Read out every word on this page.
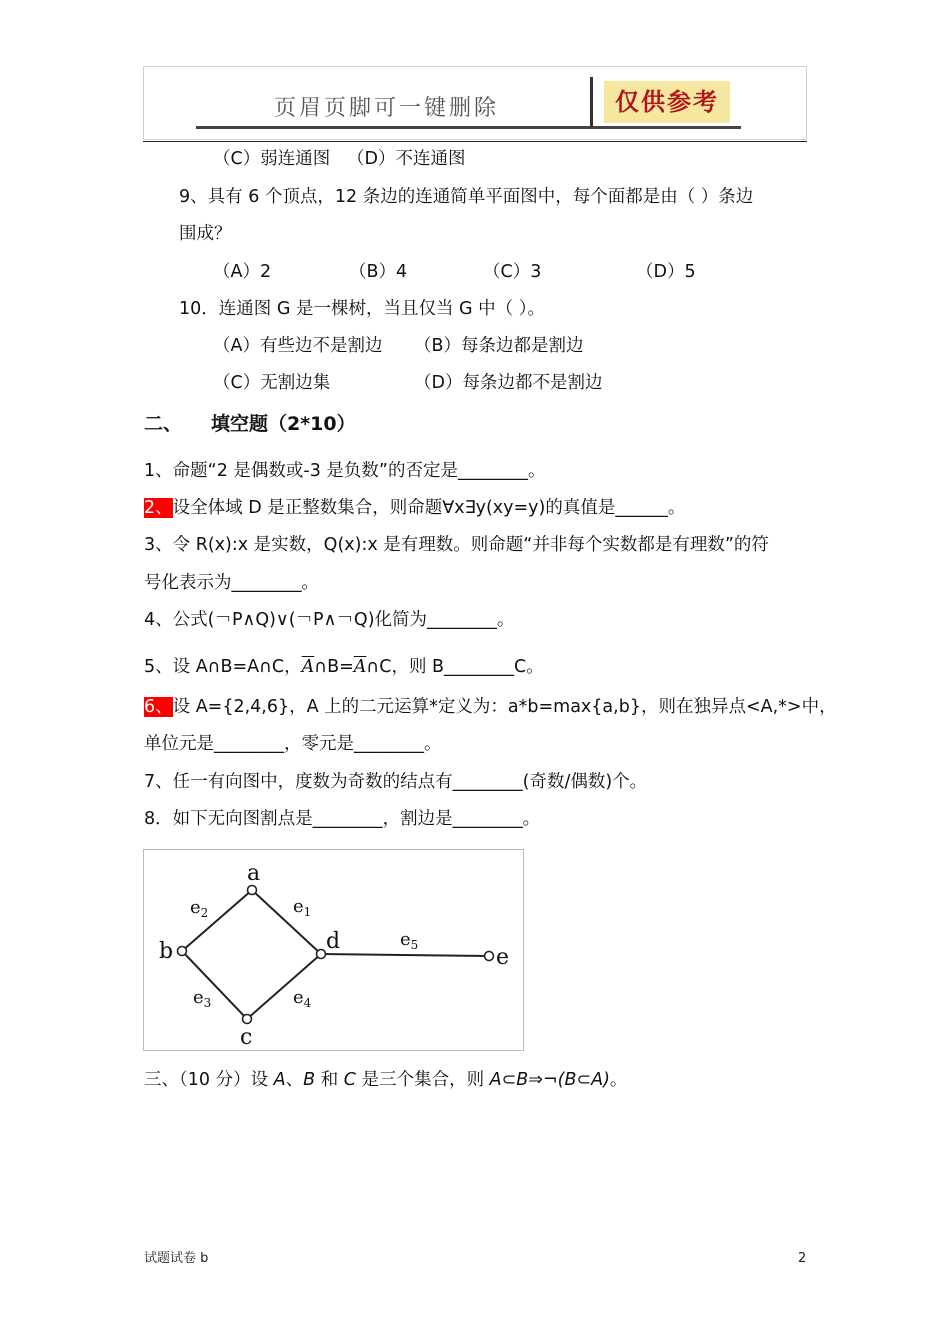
页眉页脚可一键删除	仅供参考
（C）弱连通图 （D）不连通图
9、具有 6 个顶点，12 条边的连通简单平面图中，每个面都是由（ ）条边
围成？
（A）2	（B）4	（C）3	（D）5
10．连通图 G 是一棵树，当且仅当 G 中（ ）。
（A）有些边不是割边 （B）每条边都是割边
（C）无割边集	（D）每条边都不是割边
二、 填空题（2*10）
1、命题“2 是偶数或-3 是负数”的否定是________。
2、设全体域 D 是正整数集合，则命题∀x∃y(xy=y)的真值是______。
3、令 R(x):x 是实数，Q(x):x 是有理数。则命题“并非每个实数都是有理数”的符
号化表示为________。
4、公式(￢P∧Q)∨(￢P∧￢Q)化简为________。
5、设 A∩B=A∩C，$\overline{A}\cap B=\overline{A}\cap C$，则 B________C。
6、设 A={2,4,6}，A 上的二元运算*定义为：a*b=max{a,b}，则在独异点<A,*>中，
单位元是________，零元是________。
7、任一有向图中，度数为奇数的结点有________(奇数/偶数)个。
8．如下无向图割点是________，割边是________。
a
b
c
d
e
$e_1$
$e_2$
$e_3$	$e_4$
$e_5$
三、（10 分）设 A、B 和 C 是三个集合，则 A⊂B⇒¬(B⊂A)。
试题试卷 b	2
